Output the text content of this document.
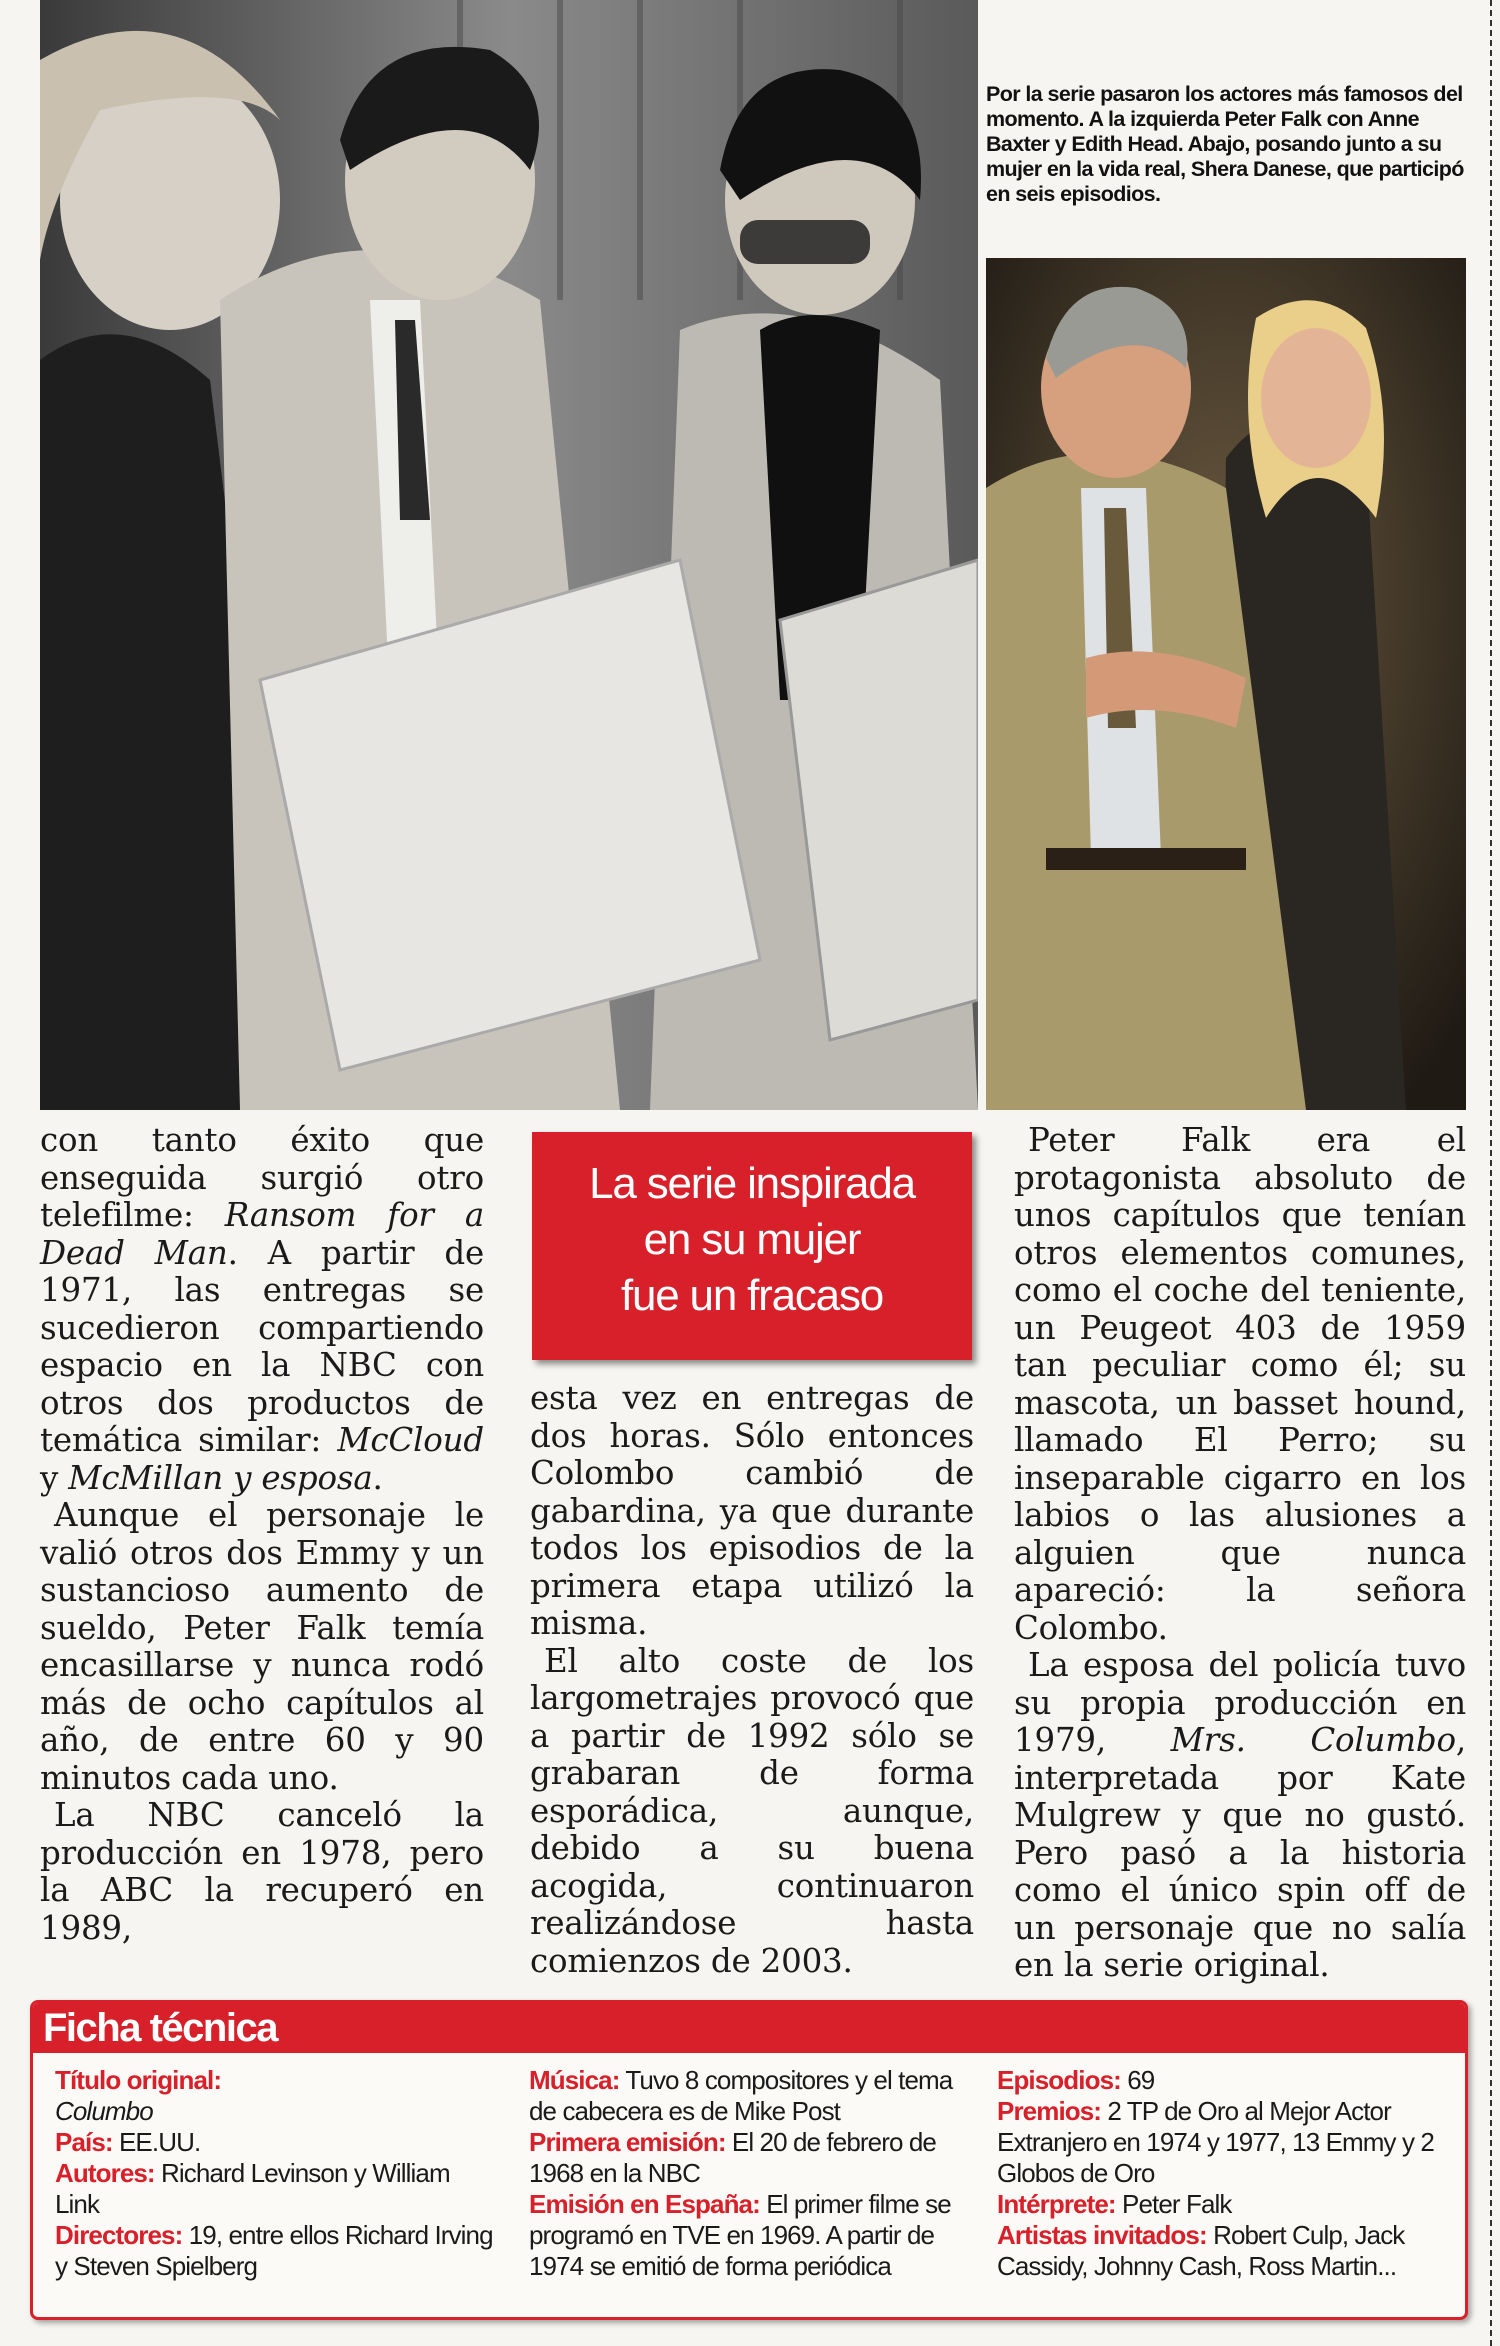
Por la serie pasaron los actores más famosos del momento. A la izquierda Peter Falk con Anne Baxter y Edith Head. Abajo, posando junto a su mujer en la vida real, Shera Danese, que participó en seis episodios.

con tanto éxito que enseguida surgió otro telefilme: Ransom for a Dead Man. A partir de 1971, las entregas se sucedieron compartiendo espacio en la NBC con otros dos productos de temática similar: McCloud y McMillan y esposa.

Aunque el personaje le valió otros dos Emmy y un sustancioso aumento de sueldo, Peter Falk temía encasillarse y nunca rodó más de ocho capítulos al año, de entre 60 y 90 minutos cada uno.

La NBC canceló la producción en 1978, pero la ABC la recuperó en 1989,

La serie inspirada
en su mujer
fue un fracaso

esta vez en entregas de dos horas. Sólo entonces Colombo cambió de gabardina, ya que durante todos los episodios de la primera etapa utilizó la misma.

El alto coste de los largometrajes provocó que a partir de 1992 sólo se grabaran de forma esporádica, aunque, debido a su buena acogida, continuaron realizándose hasta comienzos de 2003.

Peter Falk era el protagonista absoluto de unos capítulos que tenían otros elementos comunes, como el coche del teniente, un Peugeot 403 de 1959 tan peculiar como él; su mascota, un basset hound, llamado El Perro; su inseparable cigarro en los labios o las alusiones a alguien que nunca apareció: la señora Colombo.

La esposa del policía tuvo su propia producción en 1979, Mrs. Columbo, interpretada por Kate Mulgrew y que no gustó. Pero pasó a la historia como el único spin off de un personaje que no salía en la serie original.

Ficha técnica
Título original:
Columbo
País: EE.UU.
Autores: Richard Levinson y William Link
Directores: 19, entre ellos Richard Irving y Steven Spielberg
Música: Tuvo 8 compositores y el tema de cabecera es de Mike Post
Primera emisión: El 20 de febrero de 1968 en la NBC
Emisión en España: El primer filme se programó en TVE en 1969. A partir de 1974 se emitió de forma periódica
Episodios: 69
Premios: 2 TP de Oro al Mejor Actor Extranjero en 1974 y 1977, 13 Emmy y 2 Globos de Oro
Intérprete: Peter Falk
Artistas invitados: Robert Culp, Jack Cassidy, Johnny Cash, Ross Martin...
